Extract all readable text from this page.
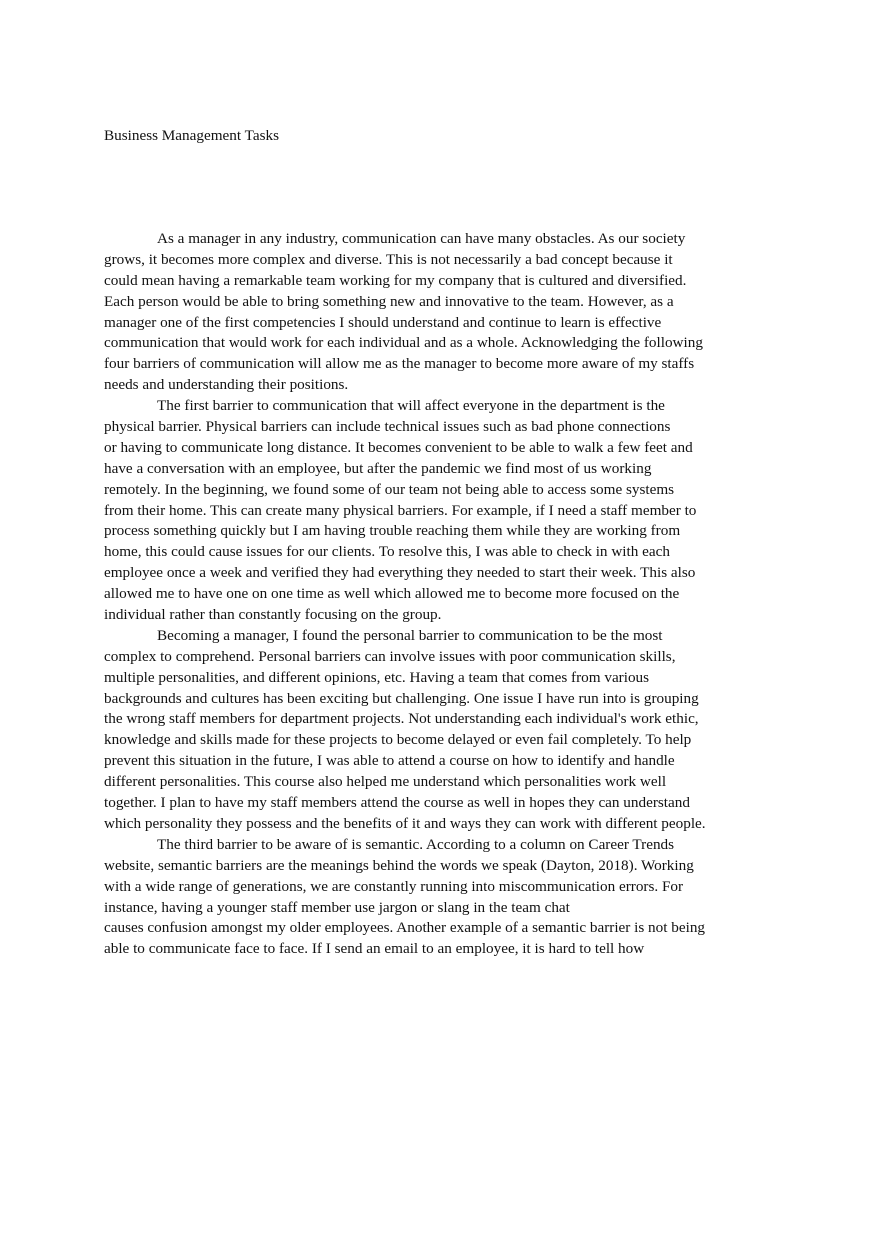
Business Management Tasks
As a manager in any industry, communication can have many obstacles. As our society
grows, it becomes more complex and diverse. This is not necessarily a bad concept because it
could mean having a remarkable team working for my company that is cultured and diversified.
Each person would be able to bring something new and innovative to the team. However, as a
manager one of the first competencies I should understand and continue to learn is effective
communication that would work for each individual and as a whole. Acknowledging the following
four barriers of communication will allow me as the manager to become more aware of my staffs
needs and understanding their positions.
The first barrier to communication that will affect everyone in the department is the
physical barrier. Physical barriers can include technical issues such as bad phone connections
or having to communicate long distance. It becomes convenient to be able to walk a few feet and
have a conversation with an employee, but after the pandemic we find most of us working
remotely. In the beginning, we found some of our team not being able to access some systems
from their home. This can create many physical barriers. For example, if I need a staff member to
process something quickly but I am having trouble reaching them while they are working from
home, this could cause issues for our clients. To resolve this, I was able to check in with each
employee once a week and verified they had everything they needed to start their week. This also
allowed me to have one on one time as well which allowed me to become more focused on the
individual rather than constantly focusing on the group.
Becoming a manager, I found the personal barrier to communication to be the most
complex to comprehend. Personal barriers can involve issues with poor communication skills,
multiple personalities, and different opinions, etc. Having a team that comes from various
backgrounds and cultures has been exciting but challenging. One issue I have run into is grouping
the wrong staff members for department projects. Not understanding each individual's work ethic,
knowledge and skills made for these projects to become delayed or even fail completely. To help
prevent this situation in the future, I was able to attend a course on how to identify and handle
different personalities. This course also helped me understand which personalities work well
together. I plan to have my staff members attend the course as well in hopes they can understand
which personality they possess and the benefits of it and ways they can work with different people.
The third barrier to be aware of is semantic. According to a column on Career Trends
website, semantic barriers are the meanings behind the words we speak (Dayton, 2018). Working
with a wide range of generations, we are constantly running into miscommunication errors. For
instance, having a younger staff member use jargon or slang in the team chat
causes confusion amongst my older employees. Another example of a semantic barrier is not being
able to communicate face to face. If I send an email to an employee, it is hard to tell how
